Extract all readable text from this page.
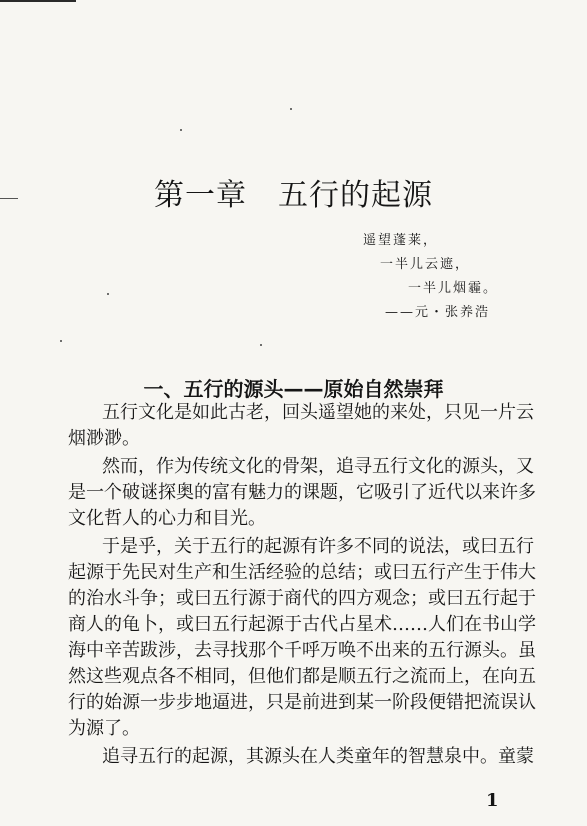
第一章　五行的起源
遥望蓬莱，
一半儿云遮，
一半儿烟霾。
——元・张养浩
一、五行的源头——原始自然崇拜
五行文化是如此古老，回头遥望她的来处，只见一片云
烟渺渺。
然而，作为传统文化的骨架，追寻五行文化的源头，又
是一个破谜探奥的富有魅力的课题，它吸引了近代以来许多
文化哲人的心力和目光。
于是乎，关于五行的起源有许多不同的说法，或曰五行
起源于先民对生产和生活经验的总结；或曰五行产生于伟大
的治水斗争；或曰五行源于商代的四方观念；或曰五行起于
商人的龟卜，或曰五行起源于古代占星术……人们在书山学
海中辛苦跋涉，去寻找那个千呼万唤不出来的五行源头。虽
然这些观点各不相同，但他们都是顺五行之流而上，在向五
行的始源一步步地逼进，只是前进到某一阶段便错把流误认
为源了。
追寻五行的起源，其源头在人类童年的智慧泉中。童蒙
1
